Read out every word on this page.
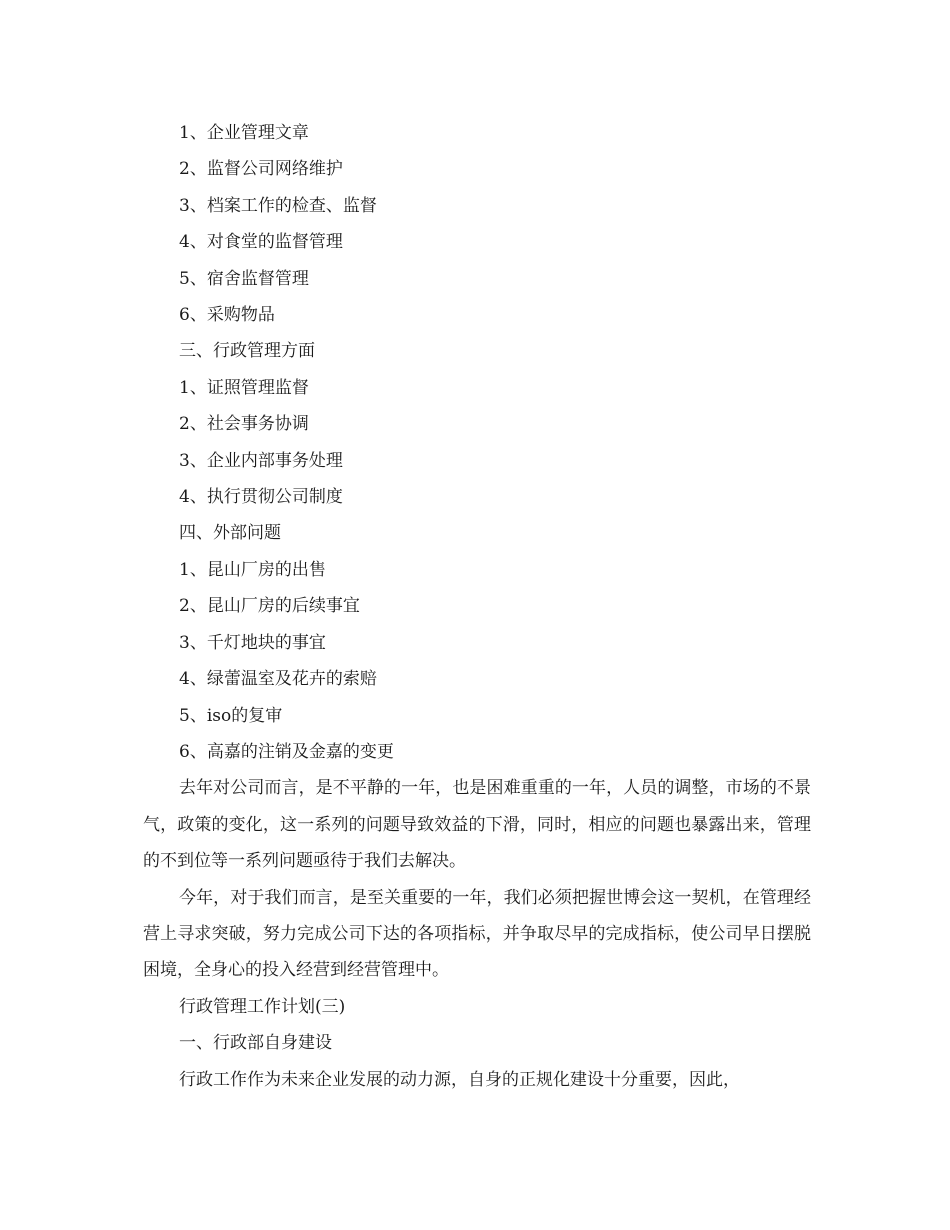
1、企业管理文章
2、监督公司网络维护
3、档案工作的检查、监督
4、对食堂的监督管理
5、宿舍监督管理
6、采购物品
三、行政管理方面
1、证照管理监督
2、社会事务协调
3、企业内部事务处理
4、执行贯彻公司制度
四、外部问题
1、昆山厂房的出售
2、昆山厂房的后续事宜
3、千灯地块的事宜
4、绿蕾温室及花卉的索赔
5、iso的复审
6、高嘉的注销及金嘉的变更

去年对公司而言，是不平静的一年，也是困难重重的一年，人员的调整，市场的不景气，政策的变化，这一系列的问题导致效益的下滑，同时，相应的问题也暴露出来，管理的不到位等一系列问题亟待于我们去解决。

今年，对于我们而言，是至关重要的一年，我们必须把握世博会这一契机，在管理经营上寻求突破，努力完成公司下达的各项指标，并争取尽早的完成指标，使公司早日摆脱困境，全身心的投入经营到经营管理中。

行政管理工作计划(三)
一、行政部自身建设

行政工作作为未来企业发展的动力源，自身的正规化建设十分重要，因此，
